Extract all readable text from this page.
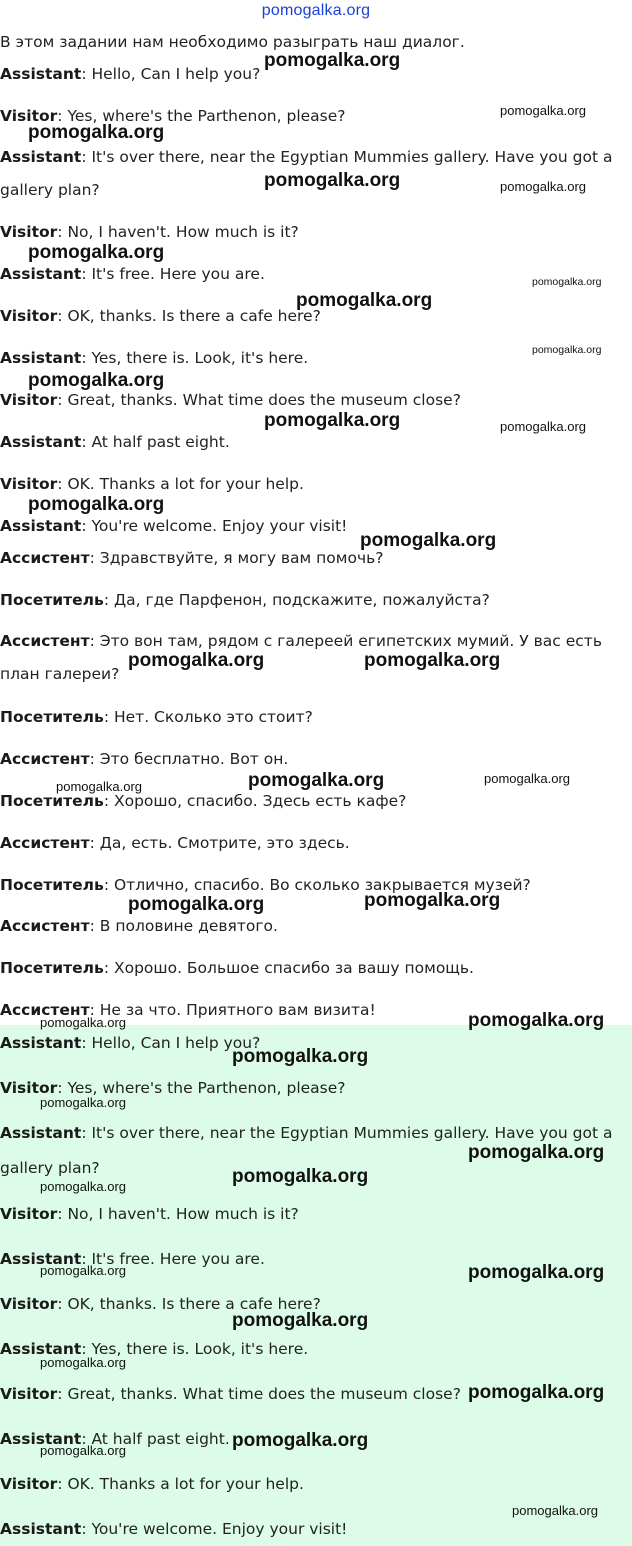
pomogalka.org
В этом задании нам необходимо разыграть наш диалог.
Assistant: Hello, Can I help you?
Visitor: Yes, where's the Parthenon, please?
Assistant: It's over there, near the Egyptian Mummies gallery. Have you got a gallery plan?
Visitor: No, I haven't. How much is it?
Assistant: It's free. Here you are.
Visitor: OK, thanks. Is there a cafe here?
Assistant: Yes, there is. Look, it's here.
Visitor: Great, thanks. What time does the museum close?
Assistant: At half past eight.
Visitor: OK. Thanks a lot for your help.
Assistant: You're welcome. Enjoy your visit!
Ассистент: Здравствуйте, я могу вам помочь?
Посетитель: Да, где Парфенон, подскажите, пожалуйста?
Ассистент: Это вон там, рядом с галереей египетских мумий. У вас есть план галереи?
Посетитель: Нет. Сколько это стоит?
Ассистент: Это бесплатно. Вот он.
Посетитель: Хорошо, спасибо. Здесь есть кафе?
Ассистент: Да, есть. Смотрите, это здесь.
Посетитель: Отлично, спасибо. Во сколько закрывается музей?
Ассистент: В половине девятого.
Посетитель: Хорошо. Большое спасибо за вашу помощь.
Ассистент: Не за что. Приятного вам визита!
Assistant: Hello, Can I help you?
Visitor: Yes, where's the Parthenon, please?
Assistant: It's over there, near the Egyptian Mummies gallery. Have you got a gallery plan?
Visitor: No, I haven't. How much is it?
Assistant: It's free. Here you are.
Visitor: OK, thanks. Is there a cafe here?
Assistant: Yes, there is. Look, it's here.
Visitor: Great, thanks. What time does the museum close?
Assistant: At half past eight.
Visitor: OK. Thanks a lot for your help.
Assistant: You're welcome. Enjoy your visit!
pomogalka.org
pomogalka.org
pomogalka.org
pomogalka.org	pomogalka.org
pomogalka.org
pomogalka.org
pomogalka.org
pomogalka.org
pomogalka.org
pomogalka.org	pomogalka.org
pomogalka.org
pomogalka.org
pomogalka.org	pomogalka.org
pomogalka.org	pomogalka.org
pomogalka.org
pomogalka.org	pomogalka.org
pomogalka.org	pomogalka.org
pomogalka.org
pomogalka.org
pomogalka.org
pomogalka.org
pomogalka.org
pomogalka.org	pomogalka.org
pomogalka.org
pomogalka.org
pomogalka.org
pomogalka.org
pomogalka.org
pomogalka.org
